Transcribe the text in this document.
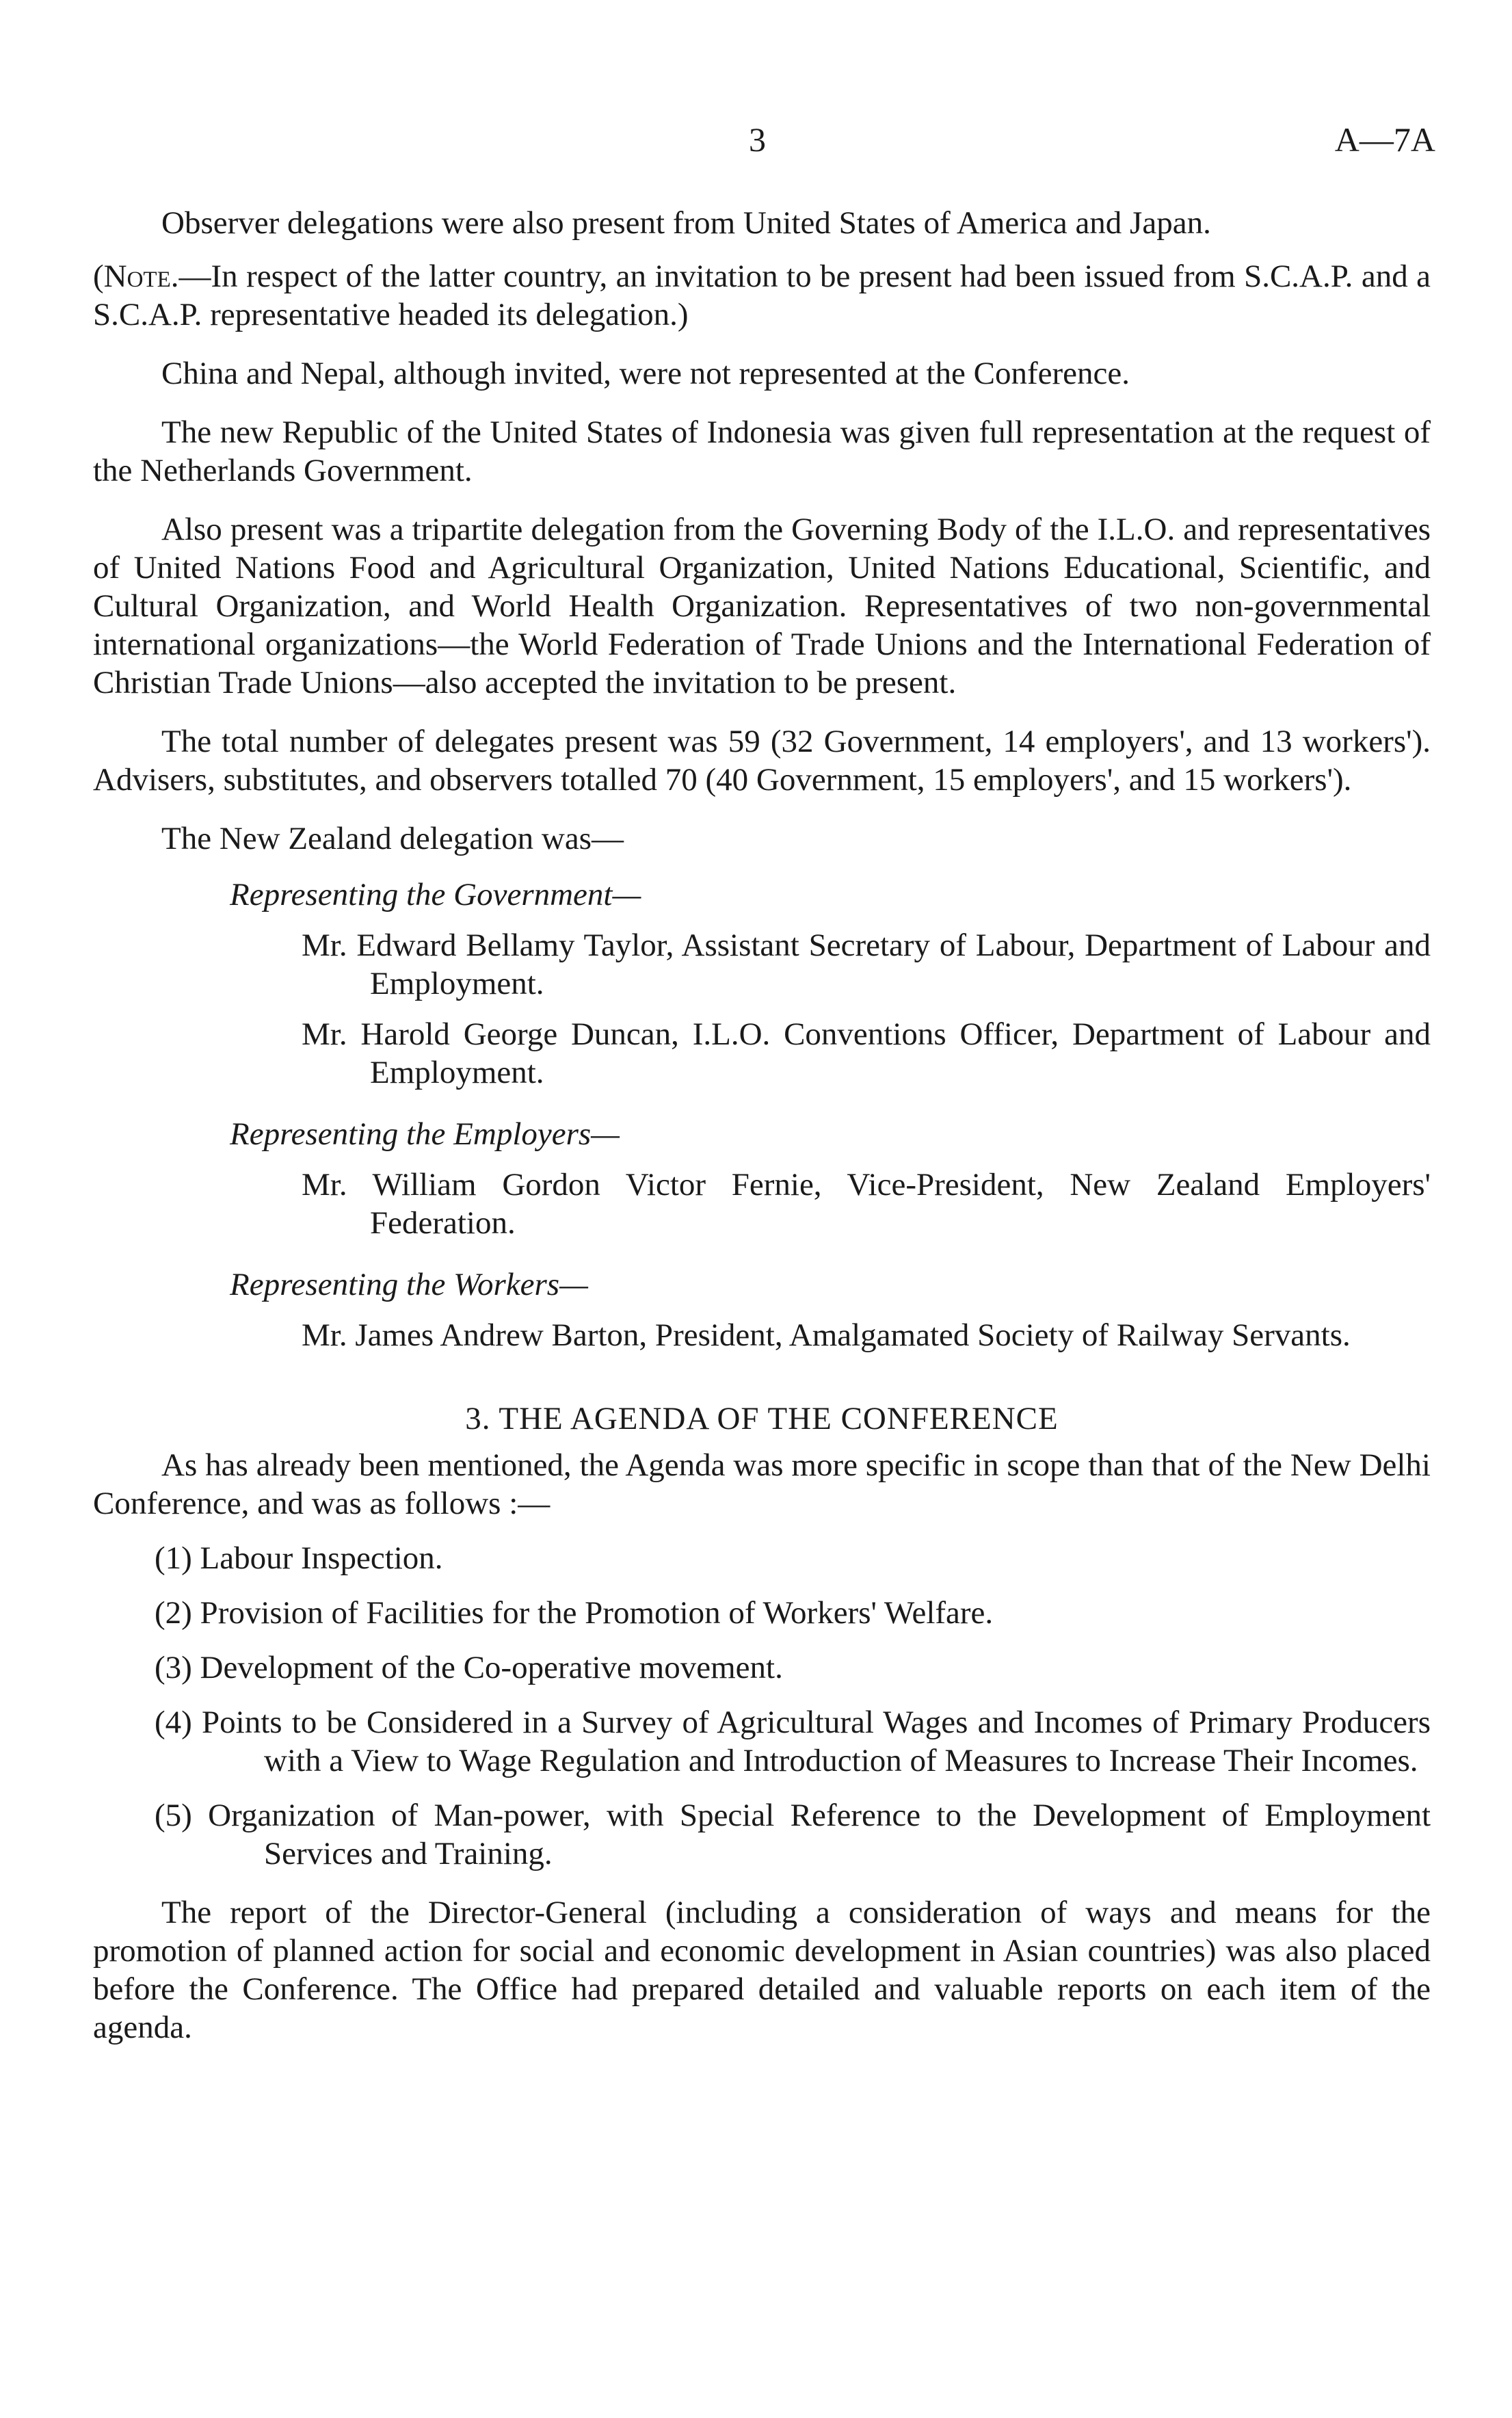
3	A—7A

Observer delegations were also present from United States of America and Japan.

(Note.—In respect of the latter country, an invitation to be present had been issued from S.C.A.P. and a S.C.A.P. representative headed its delegation.)

China and Nepal, although invited, were not represented at the Conference.

The new Republic of the United States of Indonesia was given full representation at the request of the Netherlands Government.

Also present was a tripartite delegation from the Governing Body of the I.L.O. and representatives of United Nations Food and Agricultural Organization, United Nations Educational, Scientific, and Cultural Organization, and World Health Organization. Representatives of two non-governmental international organizations—the World Federation of Trade Unions and the International Federation of Christian Trade Unions—also accepted the invitation to be present.

The total number of delegates present was 59 (32 Government, 14 employers', and 13 workers'). Advisers, substitutes, and observers totalled 70 (40 Government, 15 employers', and 15 workers').

The New Zealand delegation was—

Representing the Government—
Mr. Edward Bellamy Taylor, Assistant Secretary of Labour, Department of Labour and Employment.
Mr. Harold George Duncan, I.L.O. Conventions Officer, Department of Labour and Employment.
Representing the Employers—
Mr. William Gordon Victor Fernie, Vice-President, New Zealand Employers' Federation.
Representing the Workers—
Mr. James Andrew Barton, President, Amalgamated Society of Railway Servants.
3. THE AGENDA OF THE CONFERENCE

As has already been mentioned, the Agenda was more specific in scope than that of the New Delhi Conference, and was as follows :—

(1) Labour Inspection.
(2) Provision of Facilities for the Promotion of Workers' Welfare.
(3) Development of the Co-operative movement.
(4) Points to be Considered in a Survey of Agricultural Wages and Incomes of Primary Producers with a View to Wage Regulation and Introduction of Measures to Increase Their Incomes.
(5) Organization of Man-power, with Special Reference to the Development of Employment Services and Training.

The report of the Director-General (including a consideration of ways and means for the promotion of planned action for social and economic development in Asian countries) was also placed before the Conference. The Office had prepared detailed and valuable reports on each item of the agenda.
